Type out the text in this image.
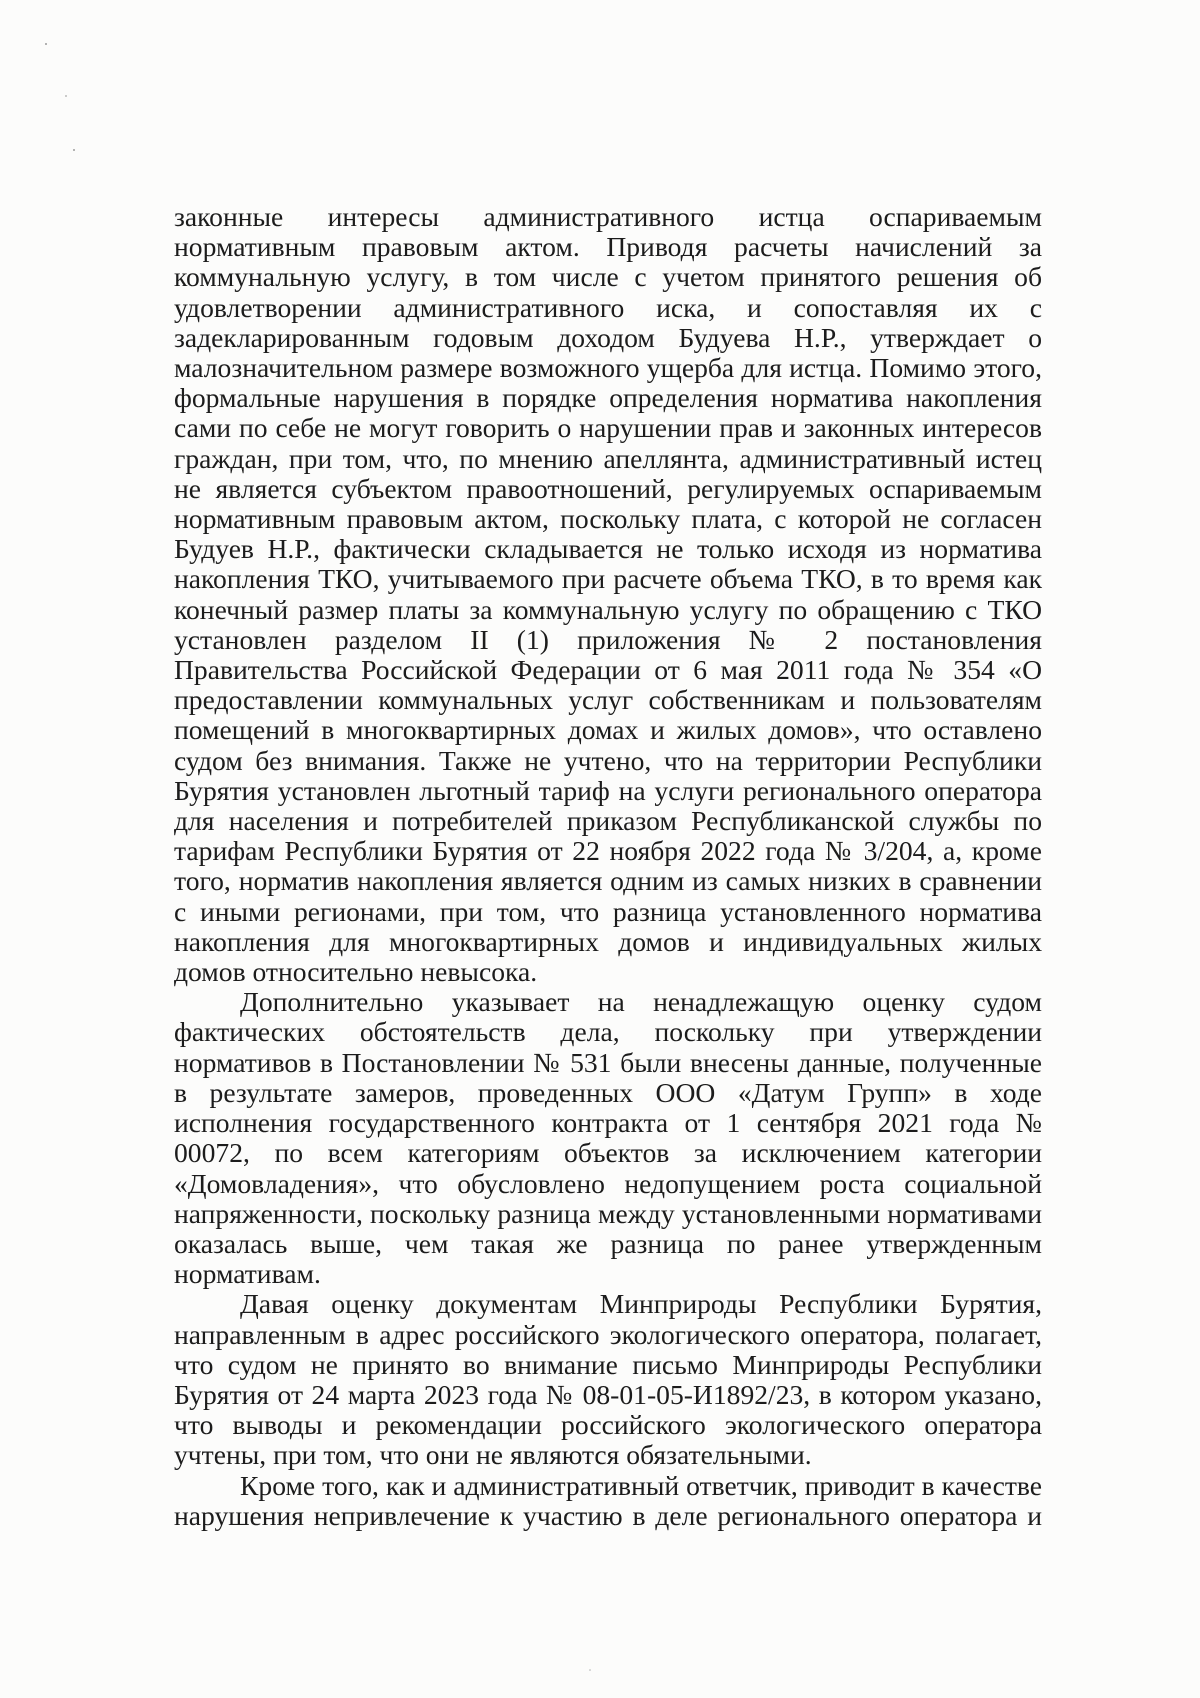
законные интересы административного истца оспариваемым нормативным правовым актом. Приводя расчеты начислений за коммунальную услугу, в том числе с учетом принятого решения об удовлетворении административного иска, и сопоставляя их с задекларированным годовым доходом Будуева Н.Р., утверждает о малозначительном размере возможного ущерба для истца. Помимо этого, формальные нарушения в порядке определения норматива накопления сами по себе не могут говорить о нарушении прав и законных интересов граждан, при том, что, по мнению апеллянта, административный истец не является субъектом правоотношений, регулируемых оспариваемым нормативным правовым актом, поскольку плата, с которой не согласен Будуев Н.Р., фактически складывается не только исходя из норматива накопления ТКО, учитываемого при расчете объема ТКО, в то время как конечный размер платы за коммунальную услугу по обращению с ТКО установлен разделом II (1) приложения № 2 постановления Правительства Российской Федерации от 6 мая 2011 года № 354 «О предоставлении коммунальных услуг собственникам и пользователям помещений в многоквартирных домах и жилых домов», что оставлено судом без внимания. Также не учтено, что на территории Республики Бурятия установлен льготный тариф на услуги регионального оператора для населения и потребителей приказом Республиканской службы по тарифам Республики Бурятия от 22 ноября 2022 года № 3/204, а, кроме того, норматив накопления является одним из самых низких в сравнении с иными регионами, при том, что разница установленного норматива накопления для многоквартирных домов и индивидуальных жилых домов относительно невысока.

Дополнительно указывает на ненадлежащую оценку судом фактических обстоятельств дела, поскольку при утверждении нормативов в Постановлении № 531 были внесены данные, полученные в результате замеров, проведенных ООО «Датум Групп» в ходе исполнения государственного контракта от 1 сентября 2021 года № 00072, по всем категориям объектов за исключением категории «Домовладения», что обусловлено недопущением роста социальной напряженности, поскольку разница между установленными нормативами оказалась выше, чем такая же разница по ранее утвержденным нормативам.

Давая оценку документам Минприроды Республики Бурятия, направленным в адрес российского экологического оператора, полагает, что судом не принято во внимание письмо Минприроды Республики Бурятия от 24 марта 2023 года № 08-01-05-И1892/23, в котором указано, что выводы и рекомендации российского экологического оператора учтены, при том, что они не являются обязательными.

Кроме того, как и административный ответчик, приводит в качестве нарушения непривлечение к участию в деле регионального оператора и
